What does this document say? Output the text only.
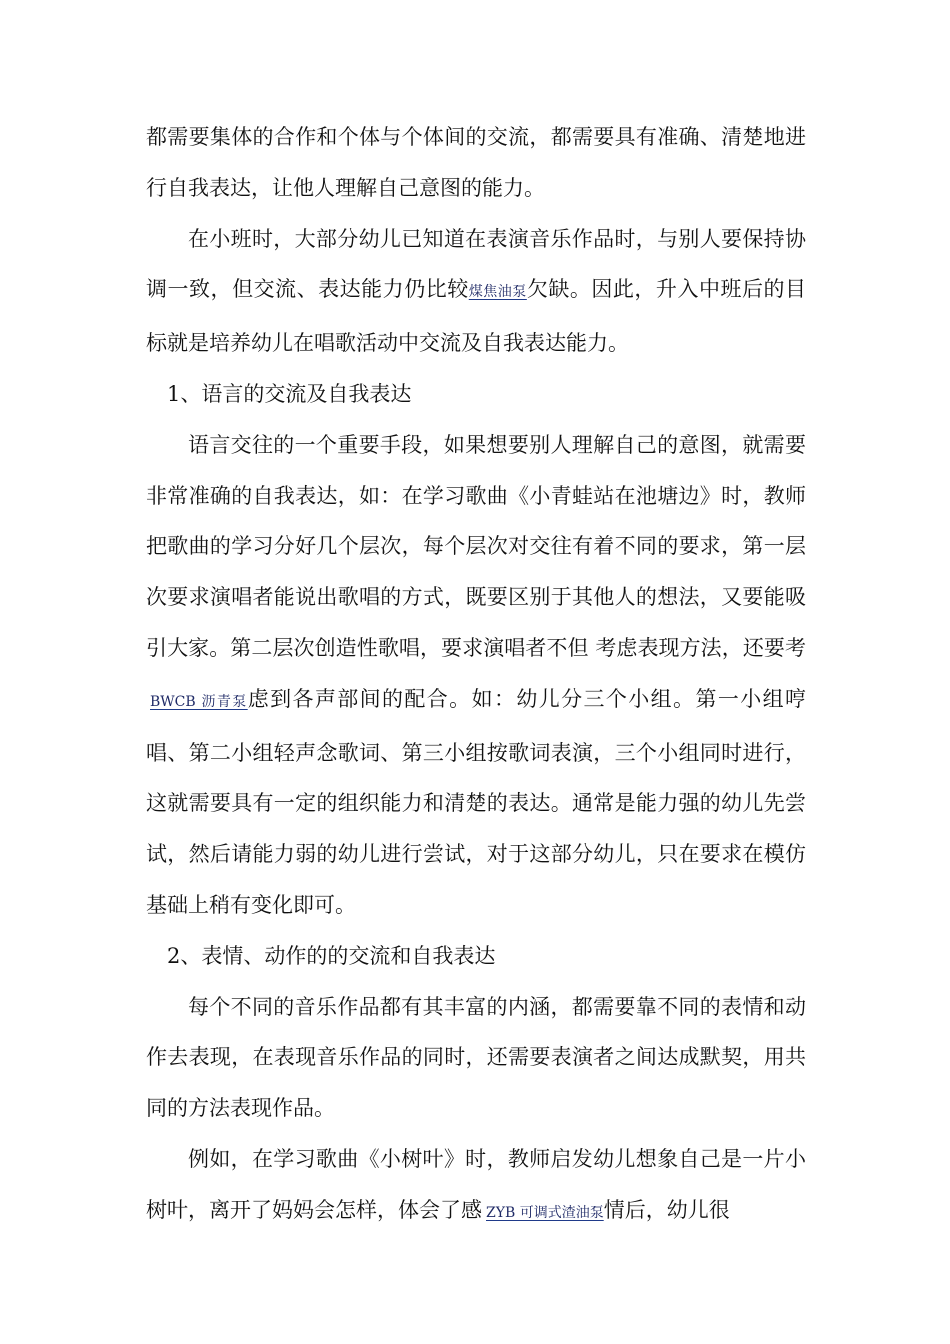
都需要集体的合作和个体与个体间的交流，都需要具有准确、清楚地进行自我表达，让他人理解自己意图的能力。

在小班时，大部分幼儿已知道在表演音乐作品时，与别人要保持协调一致，但交流、表达能力仍比较煤焦油泵欠缺。因此，升入中班后的目标就是培养幼儿在唱歌活动中交流及自我表达能力。

1、语言的交流及自我表达

语言交往的一个重要手段，如果想要别人理解自己的意图，就需要非常准确的自我表达，如：在学习歌曲《小青蛙站在池塘边》时，教师把歌曲的学习分好几个层次，每个层次对交往有着不同的要求，第一层次要求演唱者能说出歌唱的方式，既要区别于其他人的想法，又要能吸引大家。第二层次创造性歌唱，要求演唱者不但 考虑表现方法，还要考BWCB 沥青泵虑到各声部间的配合。如：幼儿分三个小组。第一小组哼唱、第二小组轻声念歌词、第三小组按歌词表演，三个小组同时进行，这就需要具有一定的组织能力和清楚的表达。通常是能力强的幼儿先尝试，然后请能力弱的幼儿进行尝试，对于这部分幼儿，只在要求在模仿基础上稍有变化即可。

2、表情、动作的的交流和自我表达

每个不同的音乐作品都有其丰富的内涵，都需要靠不同的表情和动作去表现，在表现音乐作品的同时，还需要表演者之间达成默契，用共同的方法表现作品。

例如，在学习歌曲《小树叶》时，教师启发幼儿想象自己是一片小树叶，离开了妈妈会怎样，体会了感 ZYB 可调式渣油泵情后，幼儿很
